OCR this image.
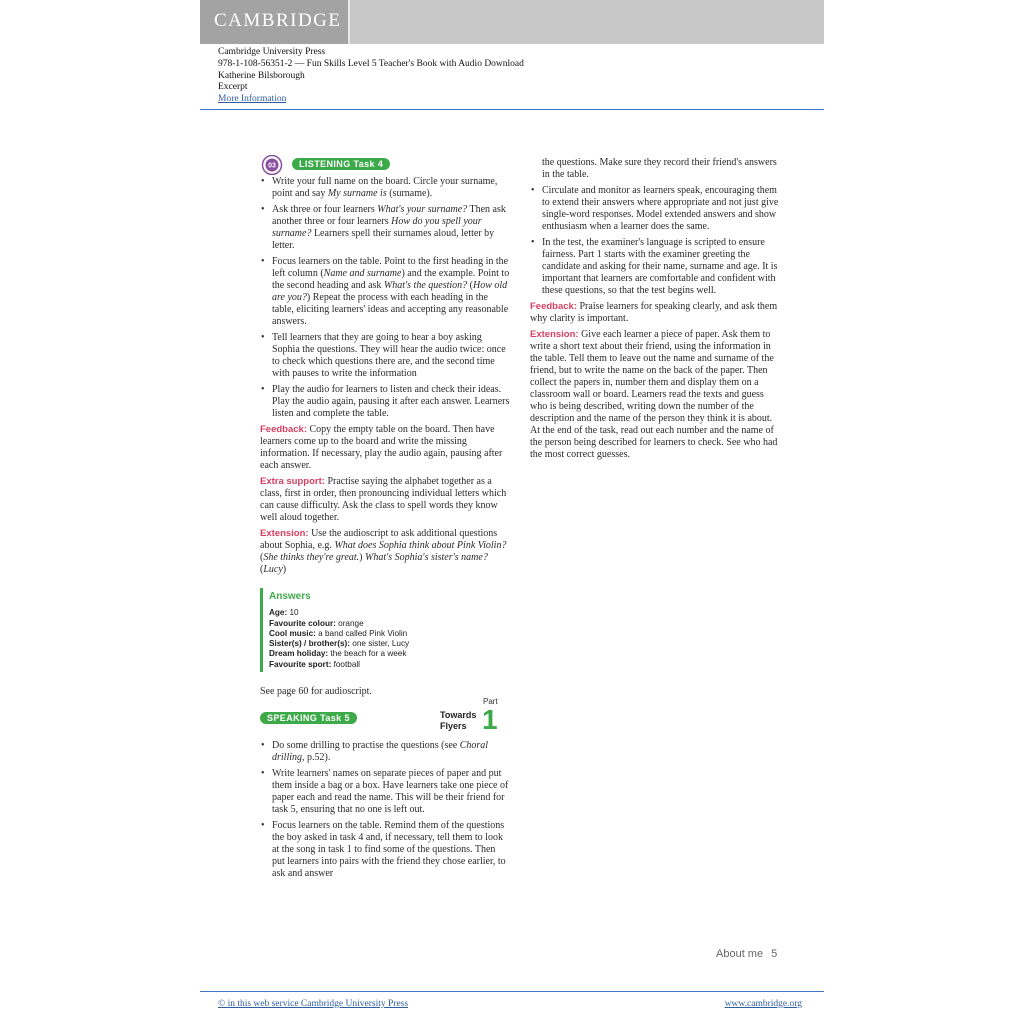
CAMBRIDGE
Cambridge University Press
978-1-108-56351-2 — Fun Skills Level 5 Teacher's Book with Audio Download
Katherine Bilsborough
Excerpt
More Information
03	LISTENING Task 4
• Write your full name on the board. Circle your surname, point and say My surname is (surname).
• Ask three or four learners What's your surname? Then ask another three or four learners How do you spell your surname? Learners spell their surnames aloud, letter by letter.
• Focus learners on the table. Point to the first heading in the left column (Name and surname) and the example. Point to the second heading and ask What's the question? (How old are you?) Repeat the process with each heading in the table, eliciting learners' ideas and accepting any reasonable answers.
• Tell learners that they are going to hear a boy asking Sophia the questions. They will hear the audio twice: once to check which questions there are, and the second time with pauses to write the information
• Play the audio for learners to listen and check their ideas. Play the audio again, pausing it after each answer. Learners listen and complete the table.

Feedback: Copy the empty table on the board. Then have learners come up to the board and write the missing information. If necessary, play the audio again, pausing after each answer.

Extra support: Practise saying the alphabet together as a class, first in order, then pronouncing individual letters which can cause difficulty. Ask the class to spell words they know well aloud together.

Extension: Use the audioscript to ask additional questions about Sophia, e.g. What does Sophia think about Pink Violin? (She thinks they're great.) What's Sophia's sister's name? (Lucy)

Answers
Age: 10
Favourite colour: orange
Cool music: a band called Pink Violin
Sister(s) / brother(s): one sister, Lucy
Dream holiday: the beach for a week
Favourite sport: football

See page 60 for audioscript.

SPEAKING Task 5	Towards
Flyers
Part
1
• Do some drilling to practise the questions (see Choral drilling, p.52).
• Write learners' names on separate pieces of paper and put them inside a bag or a box. Have learners take one piece of paper each and read the name. This will be their friend for task 5, ensuring that no one is left out.
• Focus learners on the table. Remind them of the questions the boy asked in task 4 and, if necessary, tell them to look at the song in task 1 to find some of the questions. Then put learners into pairs with the friend they chose earlier, to ask and answer

the questions. Make sure they record their friend's answers in the table.

• Circulate and monitor as learners speak, encouraging them to extend their answers where appropriate and not just give single-word responses. Model extended answers and show enthusiasm when a learner does the same.
• In the test, the examiner's language is scripted to ensure fairness. Part 1 starts with the examiner greeting the candidate and asking for their name, surname and age. It is important that learners are comfortable and confident with these questions, so that the test begins well.

Feedback: Praise learners for speaking clearly, and ask them why clarity is important.

Extension: Give each learner a piece of paper. Ask them to write a short text about their friend, using the information in the table. Tell them to leave out the name and surname of the friend, but to write the name on the back of the paper. Then collect the papers in, number them and display them on a classroom wall or board. Learners read the texts and guess who is being described, writing down the number of the description and the name of the person they think it is about. At the end of the task, read out each number and the name of the person being described for learners to check. See who had the most correct guesses.

About me 5
© in this web service Cambridge University Press	www.cambridge.org
